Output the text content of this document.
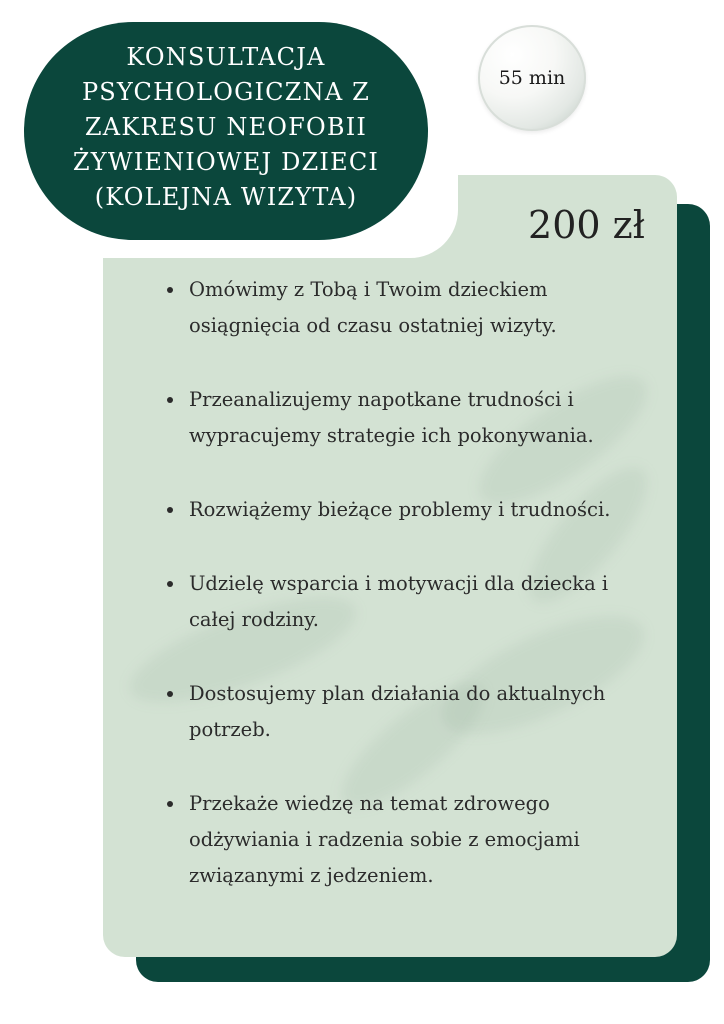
KONSULTACJA
PSYCHOLOGICZNA Z
ZAKRESU NEOFOBII
ŻYWIENIOWEJ DZIECI
(KOLEJNA WIZYTA)
55 min
200 zł
Omówimy z Tobą i Twoim dzieckiem osiągnięcia od czasu ostatniej wizyty.
Przeanalizujemy napotkane trudności i wypracujemy strategie ich pokonywania.
Rozwiążemy bieżące problemy i trudności.
Udzielę wsparcia i motywacji dla dziecka i całej rodziny.
Dostosujemy plan działania do aktualnych potrzeb.
Przekaże wiedzę na temat zdrowego odżywiania i radzenia sobie z emocjami związanymi z jedzeniem.
